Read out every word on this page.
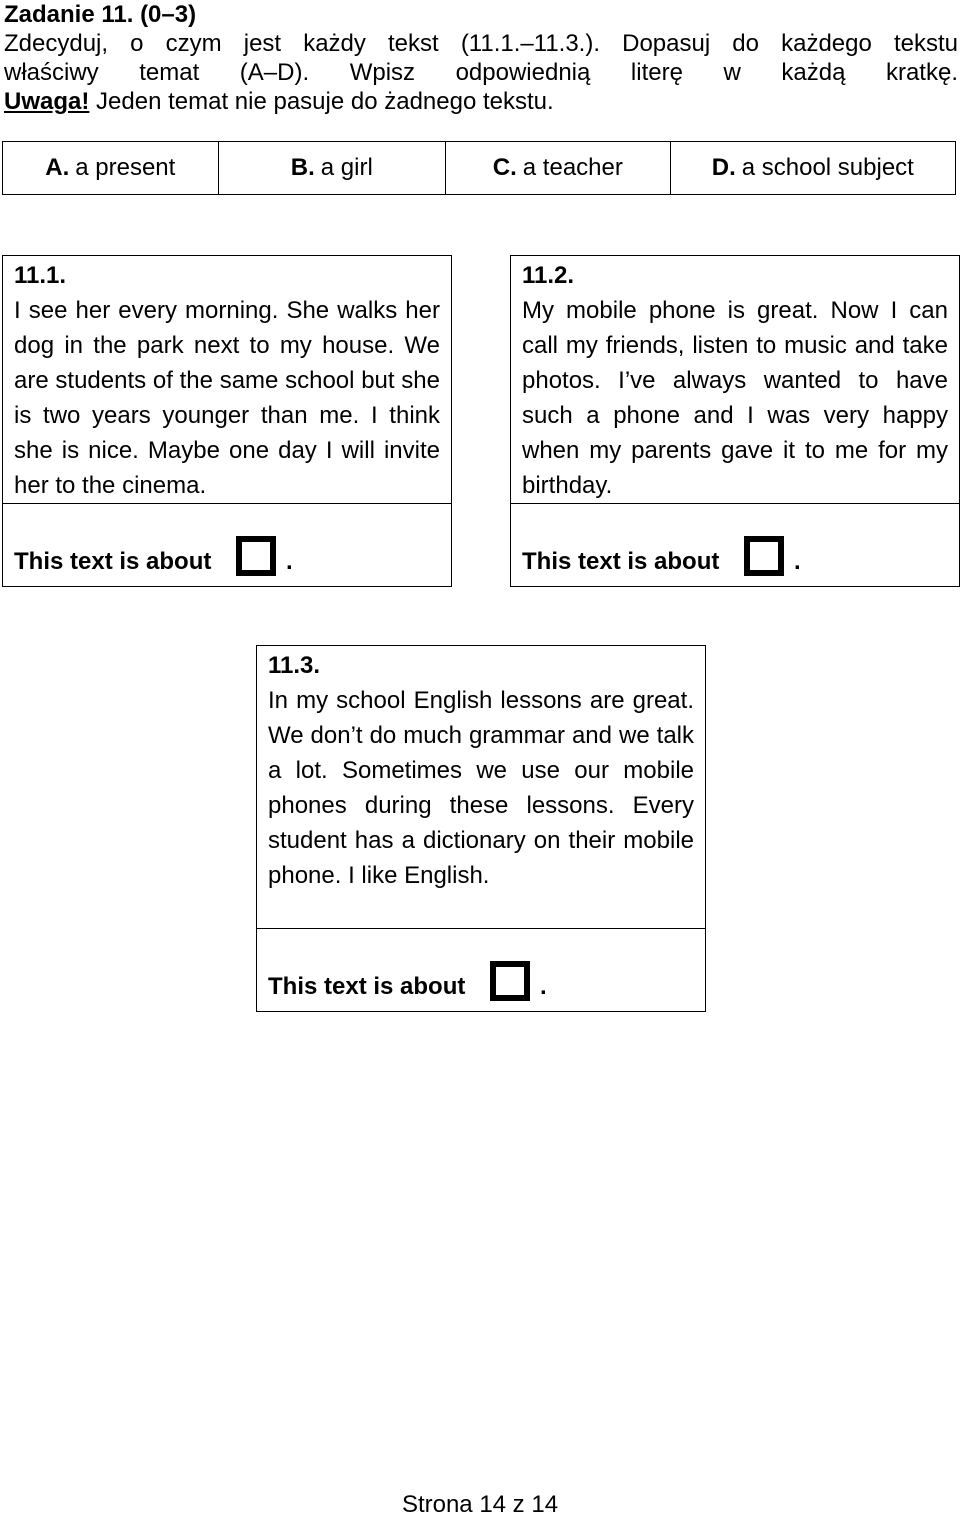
Zadanie 11. (0–3)
Zdecyduj, o czym jest każdy tekst (11.1.–11.3.). Dopasuj do każdego tekstu
właściwy temat (A–D). Wpisz odpowiednią literę w każdą kratkę.
Uwaga! Jeden temat nie pasuje do żadnego tekstu.
A. a present	B. a girl	C. a teacher	D. a school subject
11.1.
I see her every morning. She walks her dog in the park next to my house. We are students of the same school but she is two years younger than me. I think she is nice. Maybe one day I will invite her to the cinema.
This text is about	.
11.2.
My mobile phone is great. Now I can call my friends, listen to music and take photos. I’ve always wanted to have such a phone and I was very happy when my parents gave it to me for my birthday.
This text is about	.
11.3.
In my school English lessons are great. We don’t do much grammar and we talk a lot. Sometimes we use our mobile phones during these lessons. Every student has a dictionary on their mobile phone. I like English.
This text is about	.
Strona 14 z 14
